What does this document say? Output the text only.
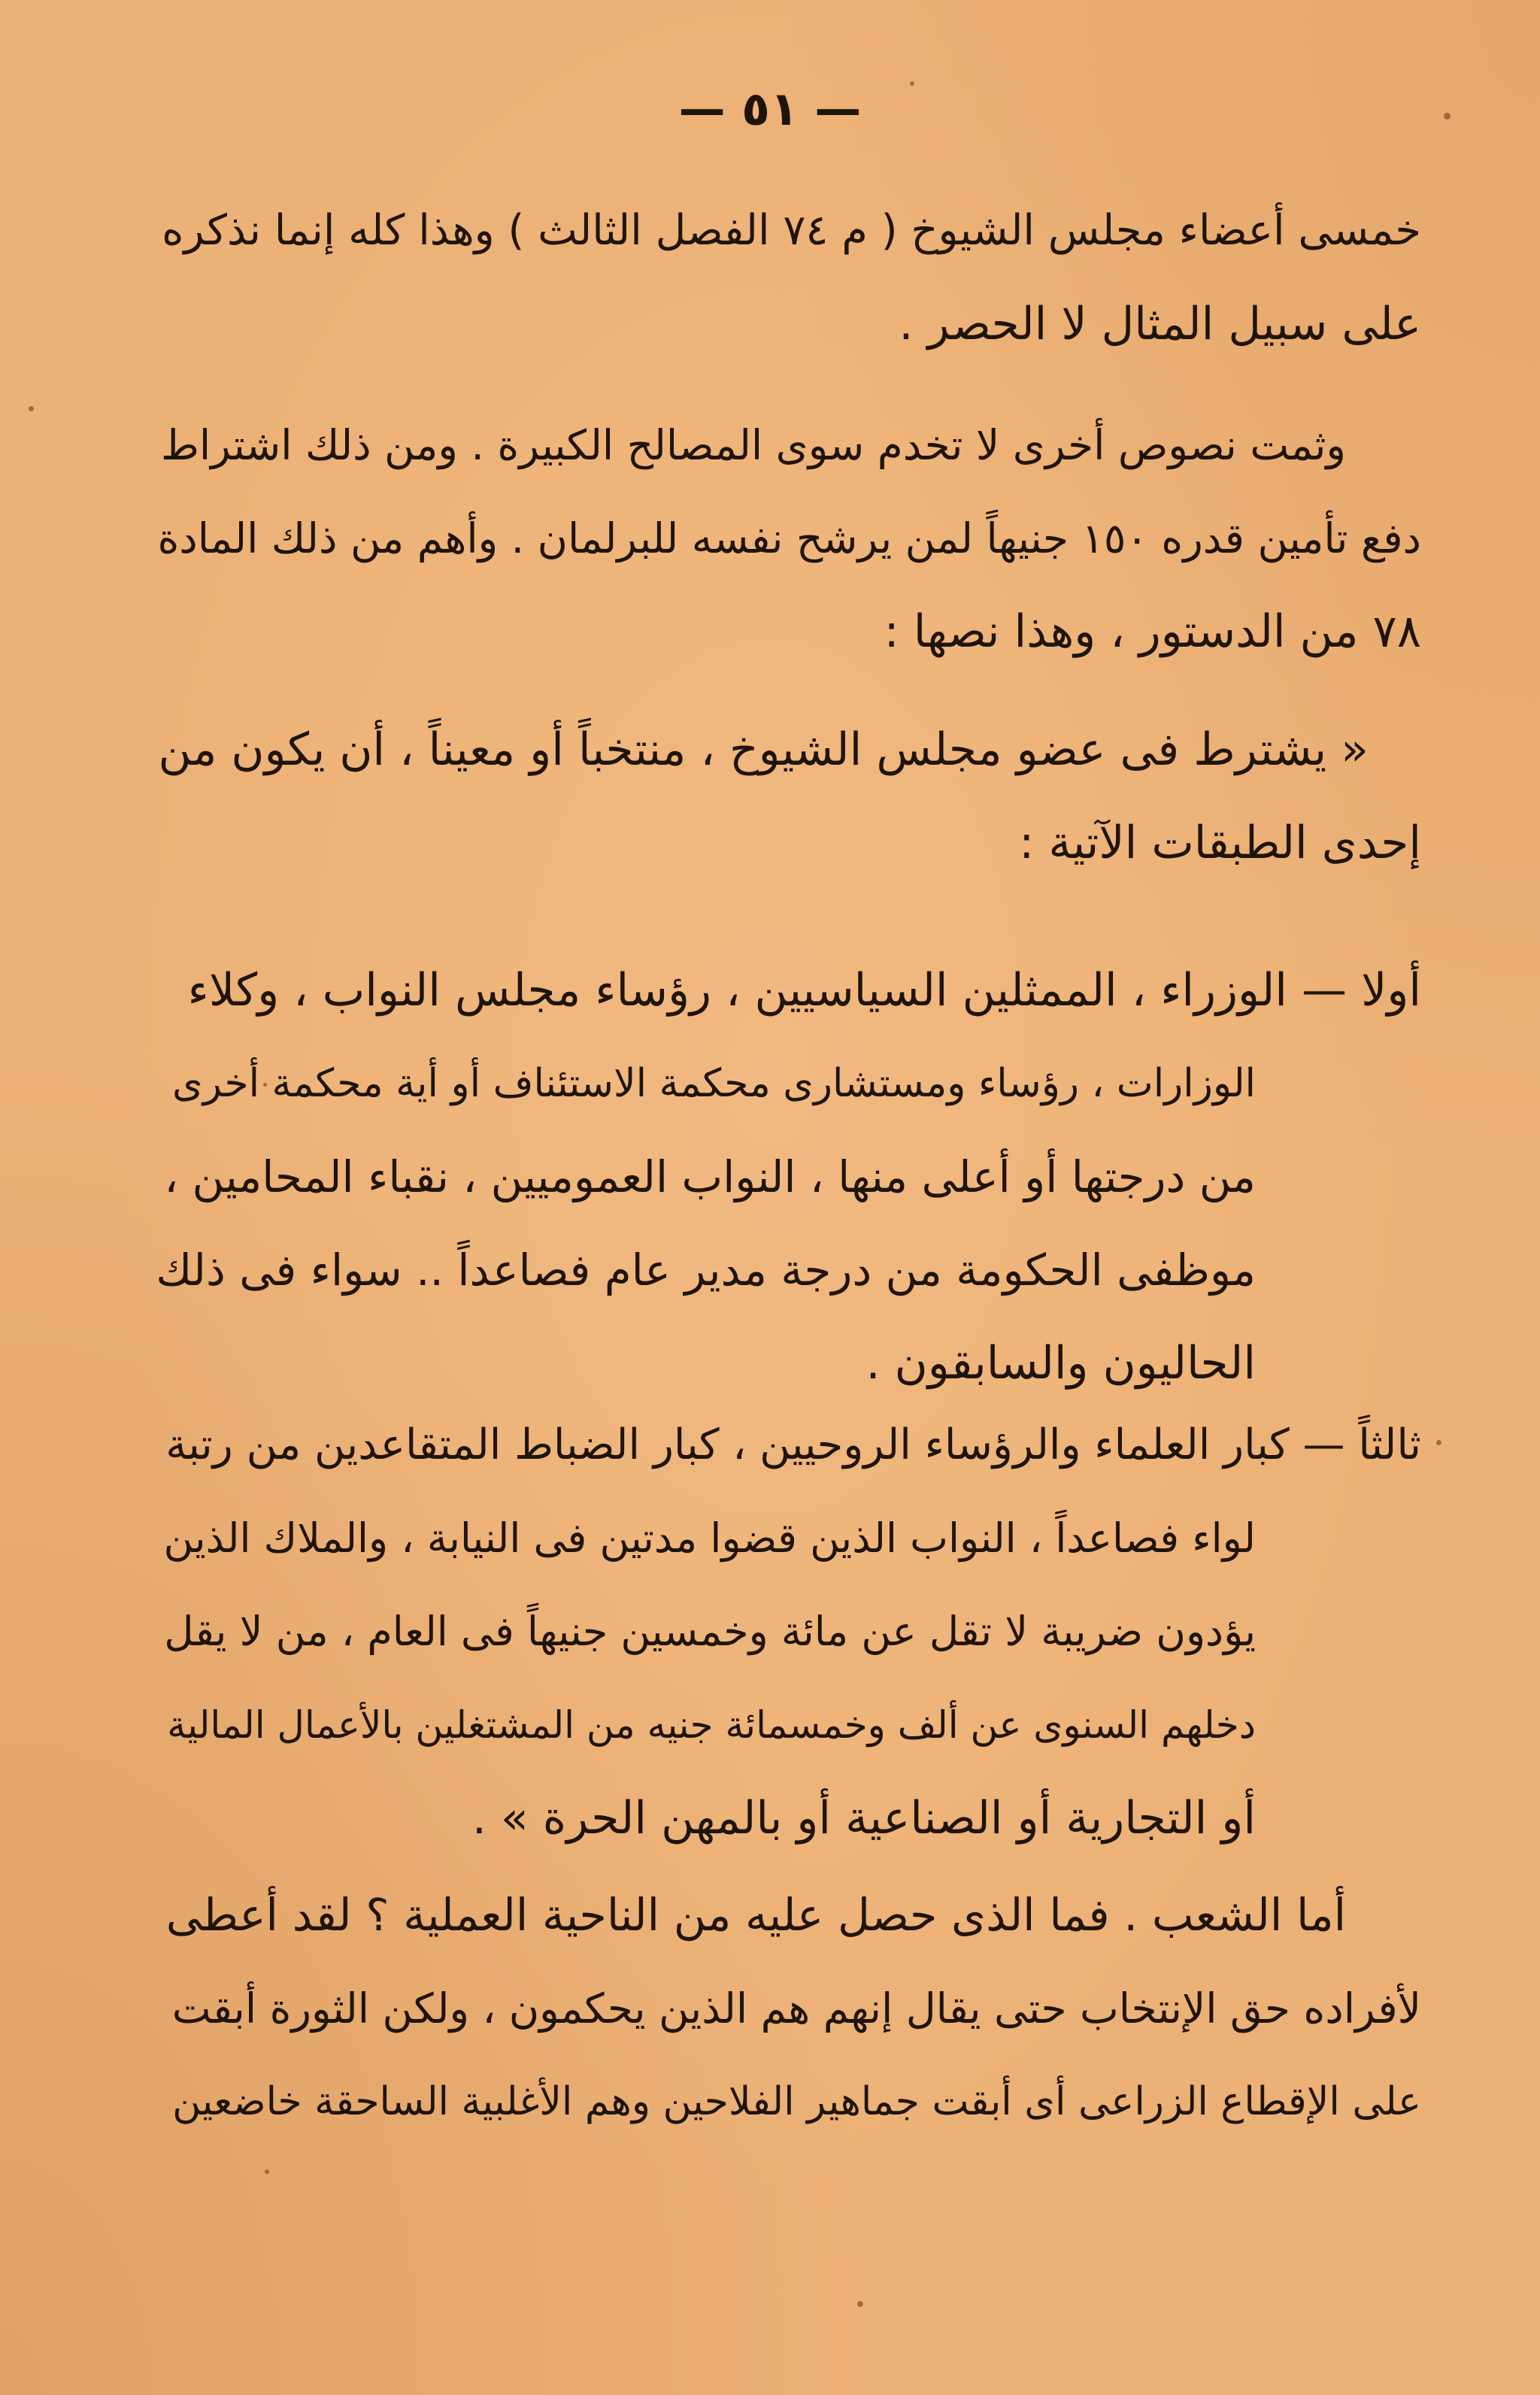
— ٥١ —
خمسى أعضاء مجلس الشيوخ ( م ٧٤ الفصل الثالث ) وهذا كله إنما نذكره
على سبيل المثال لا الحصر .
وثمت نصوص أخرى لا تخدم سوى المصالح الكبيرة . ومن ذلك اشتراط
دفع تأمين قدره ١٥٠ جنيهاً لمن يرشح نفسه للبرلمان . وأهم من ذلك المادة
٧٨ من الدستور ، وهذا نصها :
« يشترط فى عضو مجلس الشيوخ ، منتخباً أو معيناً ، أن يكون من
إحدى الطبقات الآتية :
أولا — الوزراء ، الممثلين السياسيين ، رؤساء مجلس النواب ، وكلاء
الوزارات ، رؤساء ومستشارى محكمة الاستئناف أو أية محكمة أخرى
من درجتها أو أعلى منها ، النواب العموميين ، نقباء المحامين ،
موظفى الحكومة من درجة مدير عام فصاعداً .. سواء فى ذلك
الحاليون والسابقون .
ثالثاً — كبار العلماء والرؤساء الروحيين ، كبار الضباط المتقاعدين من رتبة
لواء فصاعداً ، النواب الذين قضوا مدتين فى النيابة ، والملاك الذين
يؤدون ضريبة لا تقل عن مائة وخمسين جنيهاً فى العام ، من لا يقل
دخلهم السنوى عن ألف وخمسمائة جنيه من المشتغلين بالأعمال المالية
أو التجارية أو الصناعية أو بالمهن الحرة » .
أما الشعب . فما الذى حصل عليه من الناحية العملية ؟ لقد أعطى
لأفراده حق الإنتخاب حتى يقال إنهم هم الذين يحكمون ، ولكن الثورة أبقت
على الإقطاع الزراعى أى أبقت جماهير الفلاحين وهم الأغلبية الساحقة خاضعين
